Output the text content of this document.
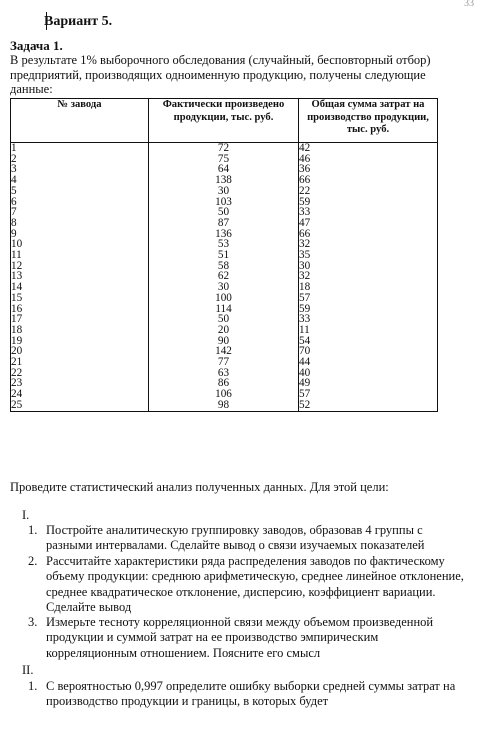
33
Вариант 5.
Задача 1.
В результате 1% выборочного обследования (случайный, бесповторный отбор) предприятий, производящих одноименную продукцию, получены следующие данные:
№ завода	Фактически произведено продукции, тыс. руб.	Общая сумма затрат на производство продукции, тыс. руб.
1	72	42
2	75	46
3	64	36
4	138	66
5	30	22
6	103	59
7	50	33
8	87	47
9	136	66
10	53	32
11	51	35
12	58	30
13	62	32
14	30	18
15	100	57
16	114	59
17	50	33
18	20	11
19	90	54
20	142	70
21	77	44
22	63	40
23	86	49
24	106	57
25	98	52
Проведите статистический анализ полученных данных. Для этой цели:
I.
1. Постройте аналитическую группировку заводов, образовав 4 группы с разными интервалами. Сделайте вывод о связи изучаемых показателей
2. Рассчитайте характеристики ряда распределения заводов по фактическому объему продукции: среднюю арифметическую, среднее линейное отклонение, среднее квадратическое отклонение, дисперсию, коэффициент вариации. Сделайте вывод
3. Измерьте тесноту корреляционной связи между объемом произведенной продукции и суммой затрат на ее производство эмпирическим корреляционным отношением. Поясните его смысл
II.
1. С вероятностью 0,997 определите ошибку выборки средней суммы затрат на производство продукции и границы, в которых будет
